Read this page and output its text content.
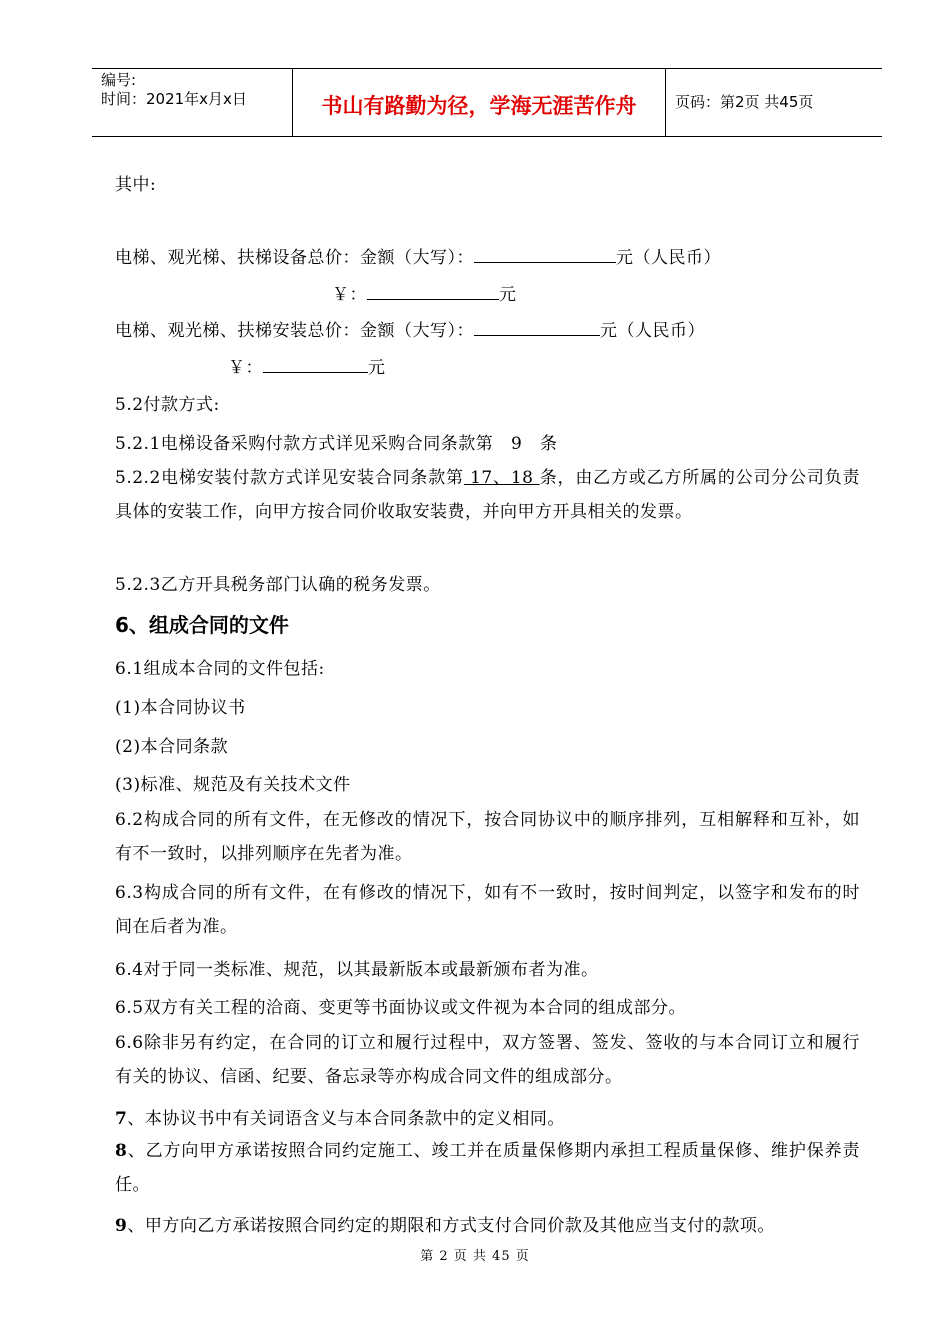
编号:
时间：2021年x月x日	书山有路勤为径，学海无涯苦作舟	页码：第2页 共45页
其中:
电梯、观光梯、扶梯设备总价：金额（大写）：	元（人民币）
￥：	元
电梯、观光梯、扶梯安装总价：金额（大写）：	元（人民币）
￥：	元
5.2付款方式:
5.2.1电梯设备采购付款方式详见采购合同条款第 9 条
5.2.2电梯安装付款方式详见安装合同条款第 17、18 条，由乙方或乙方所属的公司分公司负责具体的安装工作，向甲方按合同价收取安装费，并向甲方开具相关的发票。
5.2.3乙方开具税务部门认确的税务发票。
6、组成合同的文件
6.1组成本合同的文件包括:
(1)本合同协议书
(2)本合同条款
(3)标准、规范及有关技术文件
6.2构成合同的所有文件，在无修改的情况下，按合同协议中的顺序排列，互相解释和互补，如有不一致时，以排列顺序在先者为准。
6.3构成合同的所有文件，在有修改的情况下，如有不一致时，按时间判定，以签字和发布的时间在后者为准。
6.4对于同一类标准、规范，以其最新版本或最新颁布者为准。
6.5双方有关工程的洽商、变更等书面协议或文件视为本合同的组成部分。
6.6除非另有约定，在合同的订立和履行过程中，双方签署、签发、签收的与本合同订立和履行有关的协议、信函、纪要、备忘录等亦构成合同文件的组成部分。
7、本协议书中有关词语含义与本合同条款中的定义相同。
8、乙方向甲方承诺按照合同约定施工、竣工并在质量保修期内承担工程质量保修、维护保养责任。
9、甲方向乙方承诺按照合同约定的期限和方式支付合同价款及其他应当支付的款项。
第 2 页 共 45 页
